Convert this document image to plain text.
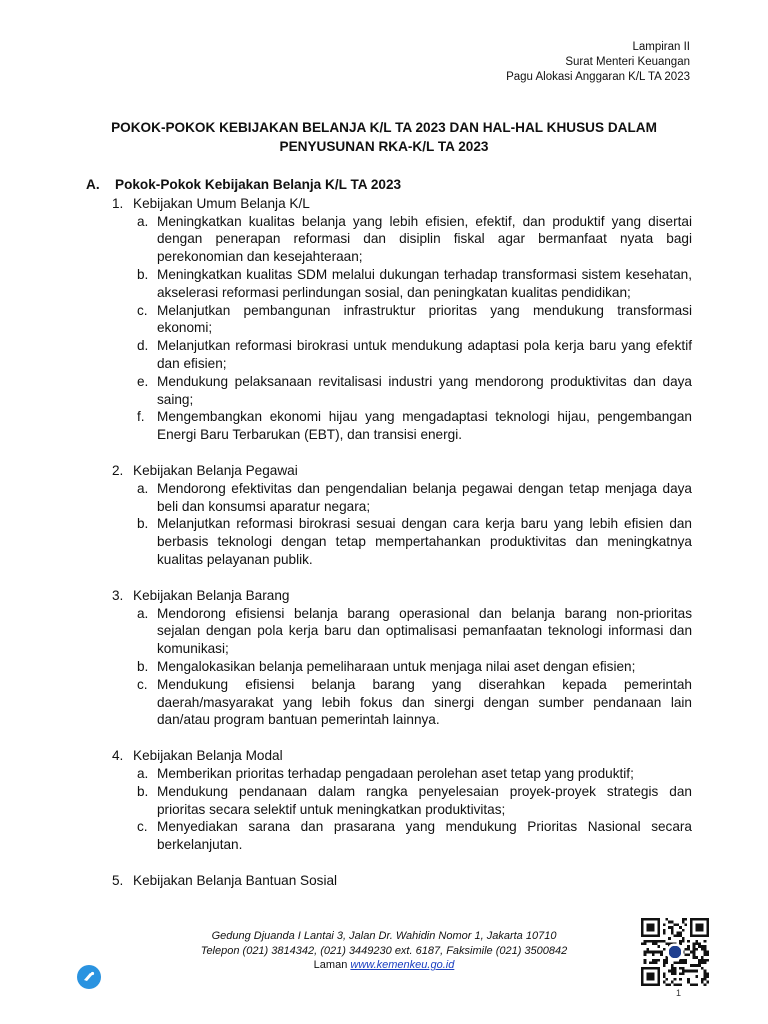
Lampiran II
Surat Menteri Keuangan
Pagu Alokasi Anggaran K/L TA 2023
POKOK-POKOK KEBIJAKAN BELANJA K/L TA 2023 DAN HAL-HAL KHUSUS DALAM
PENYUSUNAN RKA-K/L TA 2023
A.	Pokok-Pokok Kebijakan Belanja K/L TA 2023
1. Kebijakan Umum Belanja K/L
a. Meningkatkan kualitas belanja yang lebih efisien, efektif, dan produktif yang disertai dengan penerapan reformasi dan disiplin fiskal agar bermanfaat nyata bagi perekonomian dan kesejahteraan;
b. Meningkatkan kualitas SDM melalui dukungan terhadap transformasi sistem kesehatan, akselerasi reformasi perlindungan sosial, dan peningkatan kualitas pendidikan;
c. Melanjutkan pembangunan infrastruktur prioritas yang mendukung transformasi ekonomi;
d. Melanjutkan reformasi birokrasi untuk mendukung adaptasi pola kerja baru yang efektif dan efisien;
e. Mendukung pelaksanaan revitalisasi industri yang mendorong produktivitas dan daya saing;
f. Mengembangkan ekonomi hijau yang mengadaptasi teknologi hijau, pengembangan Energi Baru Terbarukan (EBT), dan transisi energi.
2. Kebijakan Belanja Pegawai
a. Mendorong efektivitas dan pengendalian belanja pegawai dengan tetap menjaga daya beli dan konsumsi aparatur negara;
b. Melanjutkan reformasi birokrasi sesuai dengan cara kerja baru yang lebih efisien dan berbasis teknologi dengan tetap mempertahankan produktivitas dan meningkatnya kualitas pelayanan publik.
3. Kebijakan Belanja Barang
a. Mendorong efisiensi belanja barang operasional dan belanja barang non-prioritas sejalan dengan pola kerja baru dan optimalisasi pemanfaatan teknologi informasi dan komunikasi;
b. Mengalokasikan belanja pemeliharaan untuk menjaga nilai aset dengan efisien;
c. Mendukung efisiensi belanja barang yang diserahkan kepada pemerintah daerah/masyarakat yang lebih fokus dan sinergi dengan sumber pendanaan lain dan/atau program bantuan pemerintah lainnya.
4. Kebijakan Belanja Modal
a. Memberikan prioritas terhadap pengadaan perolehan aset tetap yang produktif;
b. Mendukung pendanaan dalam rangka penyelesaian proyek-proyek strategis dan prioritas secara selektif untuk meningkatkan produktivitas;
c. Menyediakan sarana dan prasarana yang mendukung Prioritas Nasional secara berkelanjutan.
5. Kebijakan Belanja Bantuan Sosial
Gedung Djuanda I Lantai 3, Jalan Dr. Wahidin Nomor 1, Jakarta 10710
Telepon (021) 3814342, (021) 3449230 ext. 6187, Faksimile (021) 3500842
Laman www.kemenkeu.go.id
1
